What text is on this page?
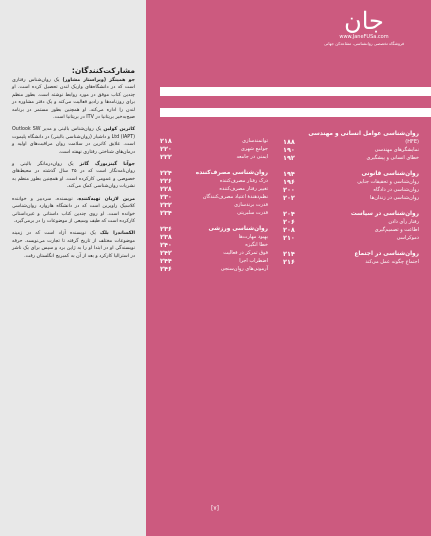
جان
www.JaneFUSa.com
فروشگاه تخصصی روانشناسی، متقاعدکن جهانی
مشارکت‌کنندگان:

جو همینگز (ویراستار مشاور) یک روان‌شناس رفتاری است که در دانشگاه‌های واریک لندن تحصیل کرده است. او چندین کتاب موفق در مورد روابط نوشته است. بطور منظم برای روزنامه‌ها و رادیو فعالیت می‌کند و یک دفتر مشاوره در لندن را اداره می‌کند. او همچنین بطور مستمر در برنامه صبح‌به‌خیر بریتانیا در ITV در بریتانیا است.

کاترین کولین یک روان‌شناس بالینی و مدیر Outlook SW Ltd (IAPT) و داشیار (روان‌شناسی بالینی) در دانشگاه پلیموت است. علایق کاترین در سلامت روان مراقبت‌های اولیه و درمان‌های شناختی رفتاری نهفته است.

جوآنا گینزبورگ گانز یک روان‌درمانگر بالینی و روان‌نامه‌نگار است که در ۲۵ سال گذشته در محیط‌های خصوصی و عمومی کارکرده است. او همچنین بطور منظم به نشریات روان‌شناسی کمک می‌کند.

مرین لازیان تهیه‌کننده، نویسنده، سردبیر و خواننده کلاسیک راوپرین است که در دانشگاه هاروارد روان‌شناسی خوانده است. او روی چندین کتاب داستانی و غیرداستانی کارکرده است که طیف وسیعی از موضوعات را در برمی‌گیرد.

الکساندرا بلک یک نویسنده آزاد است که در زمینه موضوعات مختلف از تاریخ گرفته تا تجارت می‌نویسد. حرفه نویسندگی او در ابتدا او را به ژاپن برد و سپس برای یک ناشر در استرالیا کارکرد و بعد از آن به کمبریج انگلستان رفت.

روان‌شناسی عوامل انسانی و مهندسی
(HFE)
۱۸۸
نمایشگرهای مهندسی
۱۹۰
خطای انسانی و پیشگیری
۱۹۲
روان‌شناسی قانونی
۱۹۴
روان‌شناسی و تحقیقات جنایی
۱۹۶
روان‌شناسی در دادگاه
۲۰۰
روان‌شناسی در زندان‌ها
۲۰۲
روان‌شناسی در سیاست
۲۰۴
رفتار رأی دادن
۲۰۶
اطاعت و تصمیم‌گیری
۲۰۸
دموکراسی
۲۱۰
روان‌شناسی در اجتماع
۲۱۴
اجتماع چگونه عمل می‌کند
۲۱۶
توانمندسازی
۲۱۸
جوامع شهری
۲۲۰
ایمنی در جامعه
۲۲۲
روان‌شناسی مصرف‌کننده
۲۲۴
درک رفتار مصرف‌کننده
۲۲۶
تغییر رفتار مصرف‌کننده
۲۲۸
نظم‌دهندهٔ اعتیاد مصرف‌کنندگان
۲۳۰
قدرت برندسازی
۲۳۲
قدرت سلبریتی
۲۳۴
روان‌شناسی ورزشی
۲۳۶
بهبود مهارت‌ها
۲۳۸
خطا انگیزه
۲۴۰
فوق تمرکز در فعالیت
۲۴۲
اضطراب اجرا
۲۴۴
آرمونی‌های روان‌سنجی
۲۴۶
[۷]
